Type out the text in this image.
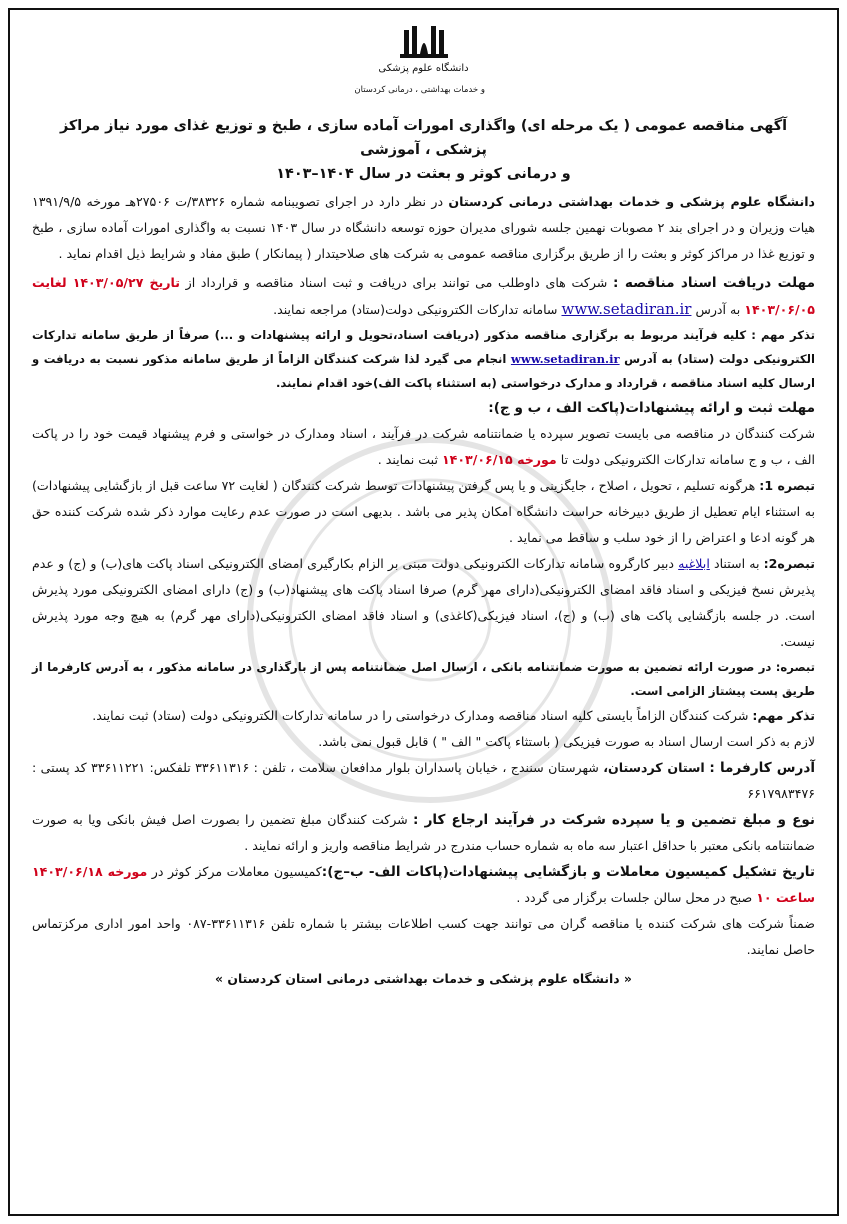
دانشگاه علوم پزشکی
و خدمات بهداشتی ، درمانی کردستان
آگهی مناقصه عمومی ( یک مرحله ای) واگذاری امورات آماده سازی ، طبخ و توزیع غذای مورد نیاز مراکز پزشکی ، آموزشی
و درمانی کوثر و بعثت در سال ۱۴۰۴–۱۴۰۳

دانشگاه علوم پزشکی و خدمات بهداشتی درمانی کردستان در نظر دارد در اجرای تصویبنامه شماره ۳۸۳۲۶/ت ۲۷۵۰۶هـ مورخه ۱۳۹۱/۹/۵ هیات وزیران و در اجرای بند ۲ مصوبات نهمین جلسه شورای مدیران حوزه توسعه دانشگاه در سال ۱۴۰۳ نسبت به واگذاری امورات آماده سازی ، طبخ و توزیع غذا در مراکز کوثر و بعثت را از طریق برگزاری مناقصه عمومی به شرکت های صلاحیتدار ( پیمانکار ) طبق مفاد و شرایط ذیل اقدام نماید .

مهلت دریافت اسناد مناقصه : شرکت های داوطلب می توانند برای دریافت و ثبت اسناد مناقصه و قرارداد از تاریخ ۱۴۰۳/۰۵/۲۷ لغایت ۱۴۰۳/۰۶/۰۵ به آدرس www.setadiran.ir سامانه تدارکات الکترونیکی دولت(ستاد) مراجعه نمایند.

تذکر مهم : کلیه فرآیند مربوط به برگزاری مناقصه مذکور (دریافت اسناد،تحویل و ارائه پیشنهادات و ...) صرفاً از طریق سامانه تدارکات الکترونیکی دولت (ستاد) به آدرس www.setadiran.ir انجام می گیرد لذا شرکت کنندگان الزاماً از طریق سامانه مذکور نسبت به دریافت و ارسال کلیه اسناد مناقصه ، قرارداد و مدارک درخواستی (به استثناء پاکت الف)خود اقدام نمایند.

مهلت ثبت و ارائه پیشنهادات(پاکت الف ، ب و ج):

شرکت کنندگان در مناقصه می بایست تصویر سپرده یا ضمانتنامه شرکت در فرآیند ، اسناد ومدارک در خواستی و فرم پیشنهاد قیمت خود را در پاکت الف ، ب و ج سامانه تدارکات الکترونیکی دولت تا مورخه ۱۴۰۳/۰۶/۱۵ ثبت نمایند .

تبصره 1: هرگونه تسلیم ، تحویل ، اصلاح ، جایگزینی و یا پس گرفتن پیشنهادات توسط شرکت کنندگان ( لغایت ۷۲ ساعت قبل از بازگشایی پیشنهادات) به استثناء ایام تعطیل از طریق دبیرخانه حراست دانشگاه امکان پذیر می باشد . بدیهی است در صورت عدم رعایت موارد ذکر شده شرکت کننده حق هر گونه ادعا و اعتراض را از خود سلب و ساقط می نماید .

تبصره2: به استناد ابلاغیه دبیر کارگروه سامانه تدارکات الکترونیکی دولت مبنی بر الزام بکارگیری امضای الکترونیکی اسناد پاکت های(ب) و (ج) و عدم پذیرش نسخ فیزیکی و اسناد فاقد امضای الکترونیکی(دارای مهر گرم) صرفا اسناد پاکت های پیشنهاد(ب) و (ج) دارای امضای الکترونیکی مورد پذیرش است. در جلسه بازگشایی پاکت های (ب) و (ج)، اسناد فیزیکی(کاغذی) و اسناد فاقد امضای الکترونیکی(دارای مهر گرم) به هیچ وجه مورد پذیرش نیست.

تبصره: در صورت ارائه تضمین به صورت ضمانتنامه بانکی ، ارسال اصل ضمانتنامه پس از بارگذاری در سامانه مذکور ، به آدرس کارفرما از طریق پست پیشتاز الزامی است.

تذکر مهم: شرکت کنندگان الزاماً بایستی کلیه اسناد مناقصه ومدارک درخواستی را در سامانه تدارکات الکترونیکی دولت (ستاد) ثبت نمایند.

لازم به ذکر است ارسال اسناد به صورت فیزیکی ( باستثاء پاکت " الف " ) قابل قبول نمی باشد.

آدرس کارفرما : استان کردستان، شهرستان سنندج ، خیابان پاسداران بلوار مدافعان سلامت ، تلفن : ۳۳۶۱۱۳۱۶ تلفکس: ۳۳۶۱۱۲۲۱ کد پستی : ۶۶۱۷۹۸۳۴۷۶

نوع و مبلغ تضمین و یا سپرده شرکت در فرآیند ارجاع کار : شرکت کنندگان مبلغ تضمین را بصورت اصل فیش بانکی ویا به صورت ضمانتنامه بانکی معتبر با حداقل اعتبار سه ماه به شماره حساب مندرج در شرایط مناقصه واریز و ارائه نمایند .

تاریخ تشکیل کمیسیون معاملات و بازگشایی پیشنهادات(پاکات الف- ب–ج):کمیسیون معاملات مرکز کوثر در مورخه ۱۴۰۳/۰۶/۱۸ ساعت ۱۰ صبح در محل سالن جلسات برگزار می گردد .

ضمناً شرکت های شرکت کننده یا مناقصه گران می توانند جهت کسب اطلاعات بیشتر با شماره تلفن ۳۳۶۱۱۳۱۶-۰۸۷ واحد امور اداری مرکزتماس حاصل نمایند.

« دانشگاه علوم پزشکی و خدمات بهداشتی درمانی استان کردستان »
